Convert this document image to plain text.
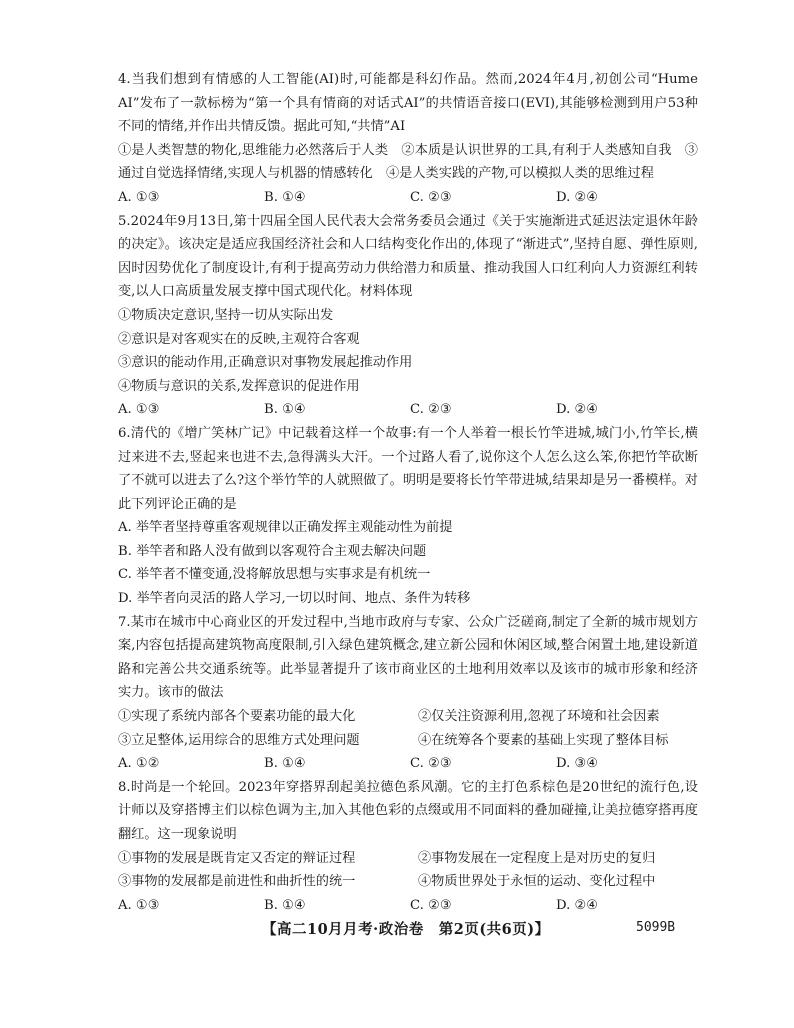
4.当我们想到有情感的人工智能(AI)时,可能都是科幻作品。然而,2024年4月,初创公司“Hume AI”发布了一款标榜为“第一个具有情商的对话式AI”的共情语音接口(EVI),其能够检测到用户53种不同的情绪,并作出共情反馈。据此可知,“共情”AI

①是人类智慧的物化,思维能力必然落后于人类　②本质是认识世界的工具,有利于人类感知自我　③通过自觉选择情绪,实现人与机器的情感转化　④是人类实践的产物,可以模拟人类的思维过程

A. ①③	B. ①④	C. ②③	D. ②④

5.2024年9月13日,第十四届全国人民代表大会常务委员会通过《关于实施渐进式延迟法定退休年龄的决定》。该决定是适应我国经济社会和人口结构变化作出的,体现了“渐进式”,坚持自愿、弹性原则,因时因势优化了制度设计,有利于提高劳动力供给潜力和质量、推动我国人口红利向人力资源红利转变,以人口高质量发展支撑中国式现代化。材料体现

①物质决定意识,坚持一切从实际出发

②意识是对客观实在的反映,主观符合客观

③意识的能动作用,正确意识对事物发展起推动作用

④物质与意识的关系,发挥意识的促进作用

A. ①③	B. ①④	C. ②③	D. ②④

6.清代的《增广笑林广记》中记载着这样一个故事:有一个人举着一根长竹竿进城,城门小,竹竿长,横过来进不去,竖起来也进不去,急得满头大汗。一个过路人看了,说你这个人怎么这么笨,你把竹竿砍断了不就可以进去了么?这个举竹竿的人就照做了。明明是要将长竹竿带进城,结果却是另一番模样。对此下列评论正确的是

A. 举竿者坚持尊重客观规律以正确发挥主观能动性为前提

B. 举竿者和路人没有做到以客观符合主观去解决问题

C. 举竿者不懂变通,没将解放思想与实事求是有机统一

D. 举竿者向灵活的路人学习,一切以时间、地点、条件为转移

7.某市在城市中心商业区的开发过程中,当地市政府与专家、公众广泛磋商,制定了全新的城市规划方案,内容包括提高建筑物高度限制,引入绿色建筑概念,建立新公园和休闲区域,整合闲置土地,建设新道路和完善公共交通系统等。此举显著提升了该市商业区的土地利用效率以及该市的城市形象和经济实力。该市的做法

①实现了系统内部各个要素功能的最大化	②仅关注资源利用,忽视了环境和社会因素
③立足整体,运用综合的思维方式处理问题	④在统筹各个要素的基础上实现了整体目标
A. ①②	B. ①④	C. ②③	D. ③④

8.时尚是一个轮回。2023年穿搭界刮起美拉德色系风潮。它的主打色系棕色是20世纪的流行色,设计师以及穿搭博主们以棕色调为主,加入其他色彩的点缀或用不同面料的叠加碰撞,让美拉德穿搭再度翻红。这一现象说明

①事物的发展是既肯定又否定的辩证过程	②事物发展在一定程度上是对历史的复归
③事物的发展都是前进性和曲折性的统一	④物质世界处于永恒的运动、变化过程中
A. ①③	B. ①④	C. ②③	D. ②④
【高二10月月考·政治卷　第2页(共6页)】	5099B
